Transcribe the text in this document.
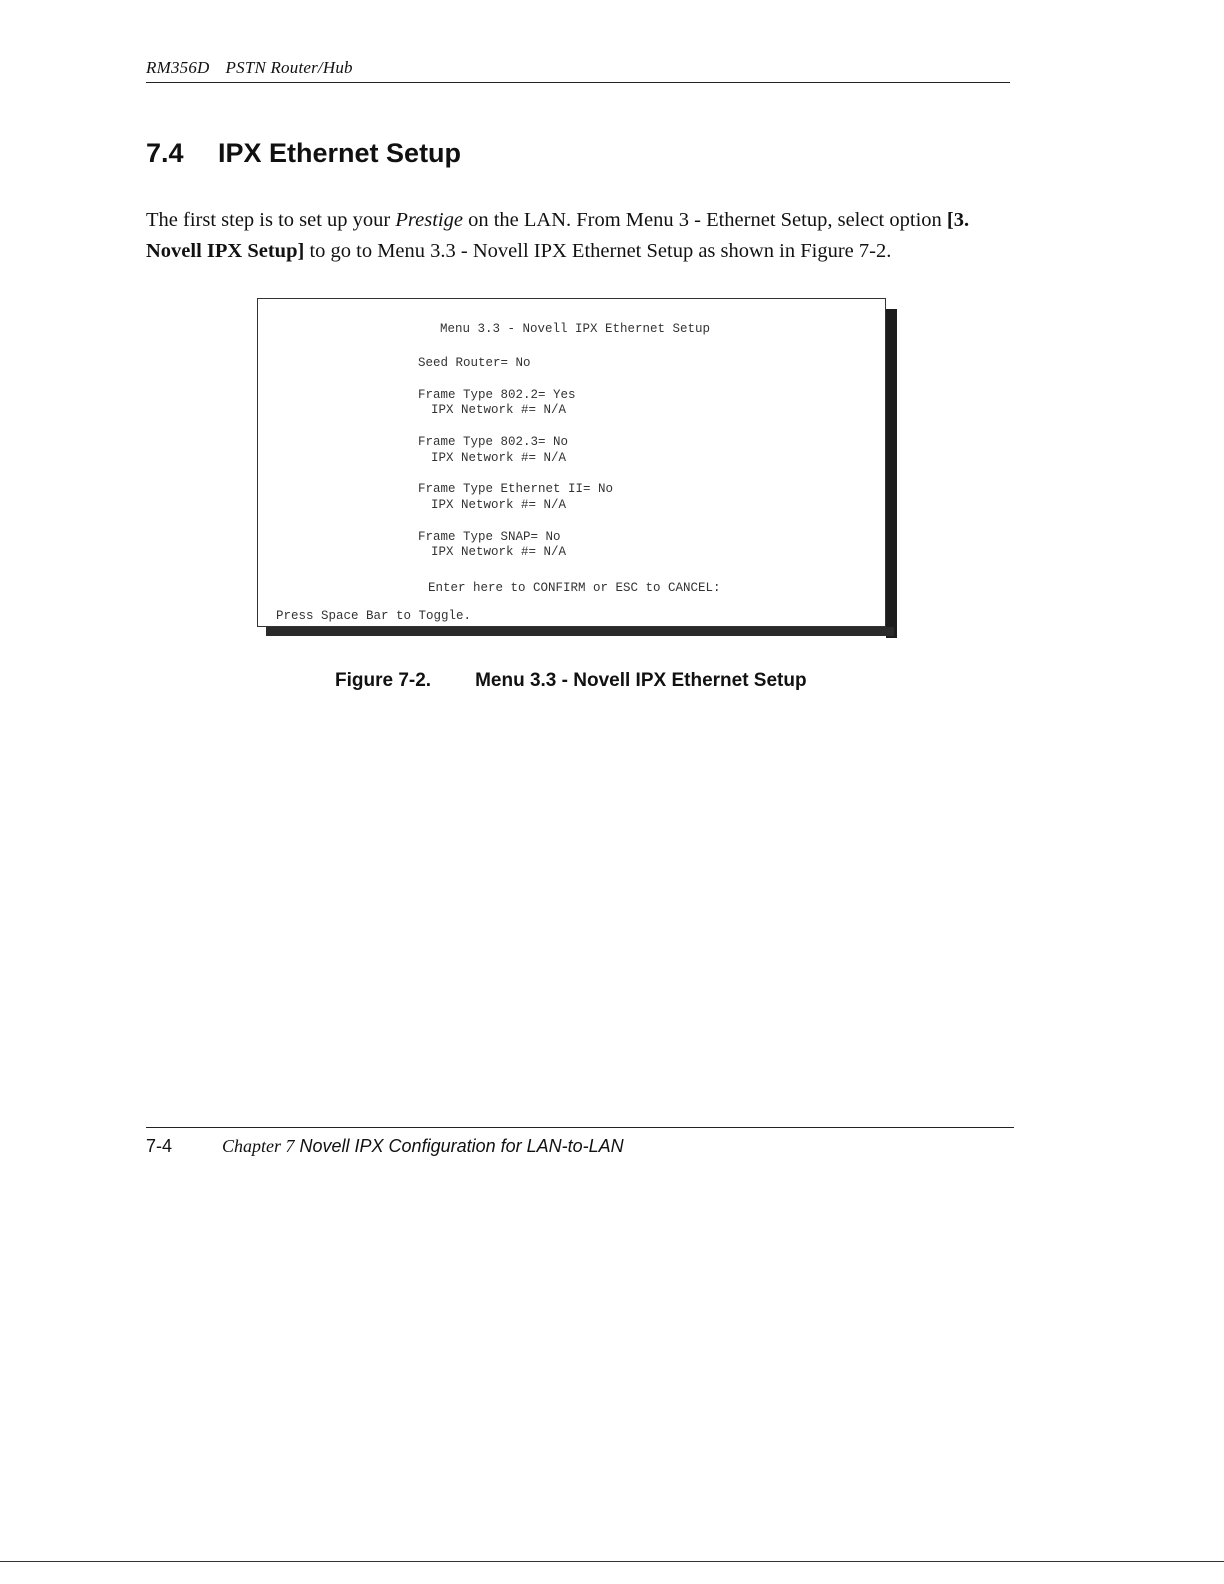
RM356D PSTN Router/Hub
7.4 IPX Ethernet Setup

The first step is to set up your Prestige on the LAN. From Menu 3 - Ethernet Setup, select option [3. Novell IPX Setup] to go to Menu 3.3 - Novell IPX Ethernet Setup as shown in Figure 7-2.

Menu 3.3 - Novell IPX Ethernet Setup
Seed Router= No
Frame Type 802.2= Yes
IPX Network #= N/A
Frame Type 802.3= No
IPX Network #= N/A
Frame Type Ethernet II= No
IPX Network #= N/A
Frame Type SNAP= No
IPX Network #= N/A
Enter here to CONFIRM or ESC to CANCEL:
Press Space Bar to Toggle.
Figure 7-2. Menu 3.3 - Novell IPX Ethernet Setup
7-4	Chapter 7 Novell IPX Configuration for LAN-to-LAN
